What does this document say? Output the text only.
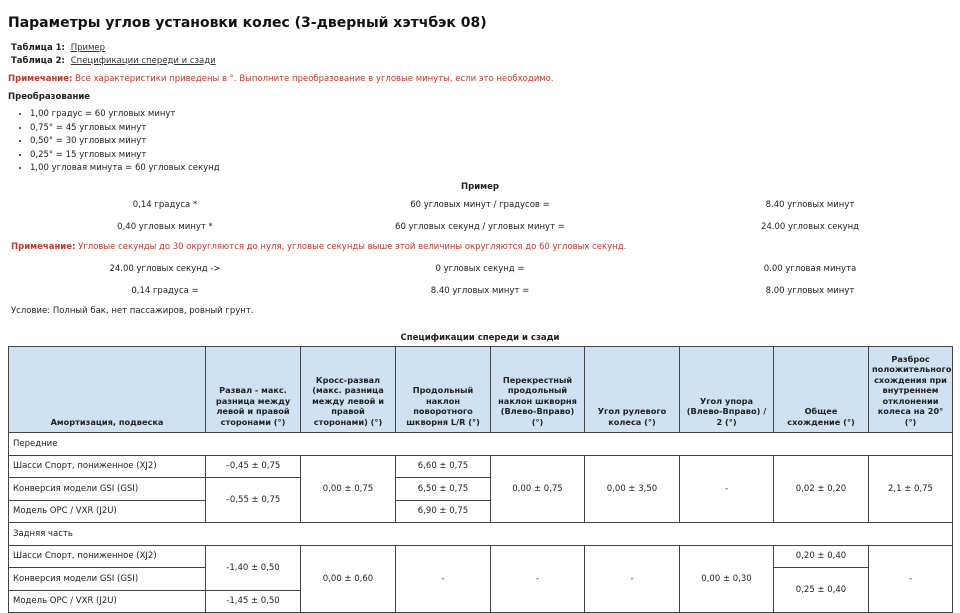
Параметры углов установки колес (3-дверный хэтчбэк 08)
Таблица 1: Пример
Таблица 2: Спецификации спереди и сзади
Примечание: Все характеристики приведены в °. Выполните преобразование в угловые минуты, если это необходимо.
Преобразование
• 1,00 градус = 60 угловых минут
• 0,75° = 45 угловых минут
• 0,50° = 30 угловых минут
• 0,25° = 15 угловых минут
• 1,00 угловая минута = 60 угловых секунд
Пример
0,14 градуса *	60 угловых минут / градусов =	8.40 угловых минут
0,40 угловых минут *	60 угловых секунд / угловых минут =	24.00 угловых секунд
Примечание: Угловые секунды до 30 округляются до нуля, угловые секунды выше этой величины округляются до 60 угловых секунд.
24.00 угловых секунд ->	0 угловых секунд =	0.00 угловая минута
0,14 градуса =	8.40 угловых минут =	8.00 угловых минут
Условие: Полный бак, нет пассажиров, ровный грунт.
Спецификации спереди и сзади
Амортизация, подвеска	Развал - макс. разница между левой и правой сторонами (°)	Кросс-развал (макс. разница между левой и правой сторонами) (°)	Продольный наклон поворотного шкворня L/R (°)	Перекрестный продольный наклон шкворня (Влево-Вправо) (°)	Угол рулевого колеса (°)	Угол упора (Влево-Вправо) / 2 (°)	Общее схождение (°)	Разброс положительного схождения при внутреннем отклонении колеса на 20° (°)
Передние								
Шасси Спорт, пониженное (XJ2)	–0,45 ± 0,75	0,00 ± 0,75	6,60 ± 0,75	0,00 ± 0,75	0,00 ± 3,50	-	0,02 ± 0,20	2,1 ± 0,75
Конверсия модели GSI (GSI)	–0,55 ± 0,75		6,50 ± 0,75					
Модель OPC / VXR (J2U)			6,90 ± 0,75					
Задняя часть								
Шасси Спорт, пониженное (XJ2)	-1,40 ± 0,50	0,00 ± 0,60	-	-	-	0,00 ± 0,30	0,20 ± 0,40	-
Конверсия модели GSI (GSI)							0,25 ± 0,40	
Модель OPC / VXR (J2U)	-1,45 ± 0,50							
